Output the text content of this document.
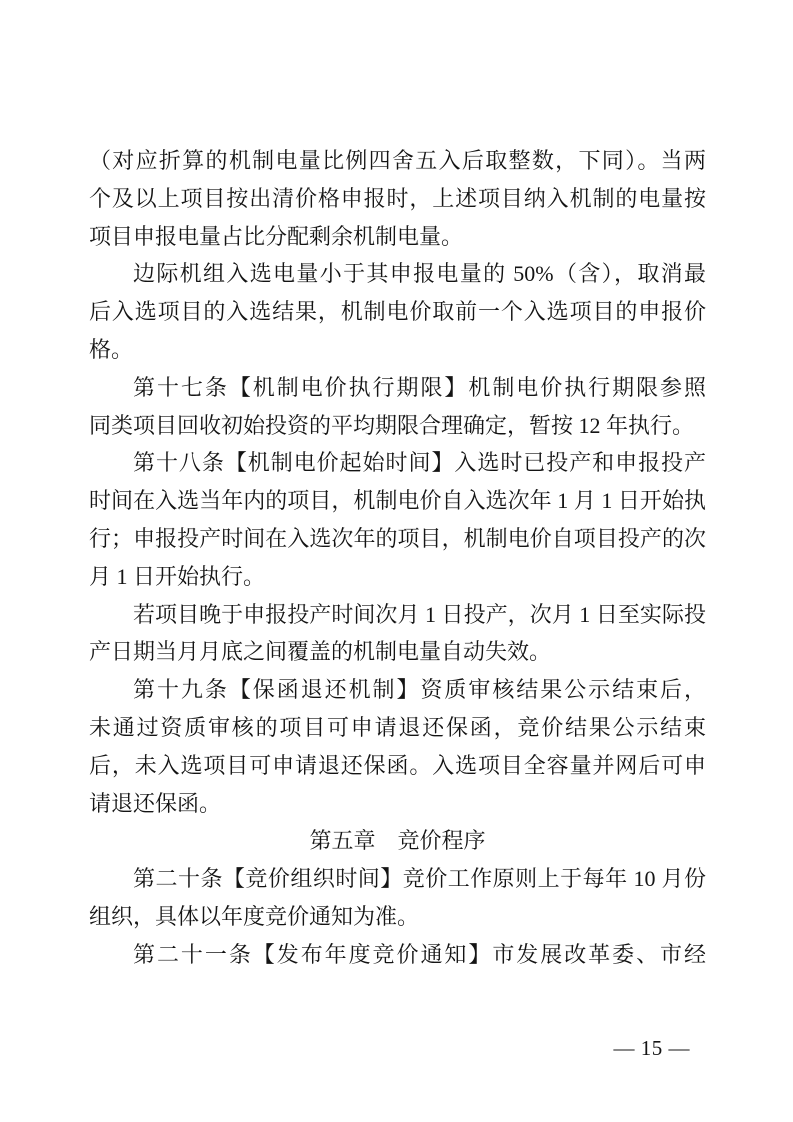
（对应折算的机制电量比例四舍五入后取整数，下同）。当两
个及以上项目按出清价格申报时，上述项目纳入机制的电量按
项目申报电量占比分配剩余机制电量。
边际机组入选电量小于其申报电量的 50%（含），取消最
后入选项目的入选结果，机制电价取前一个入选项目的申报价
格。
第十七条【机制电价执行期限】机制电价执行期限参照
同类项目回收初始投资的平均期限合理确定，暂按 12 年执行。
第十八条【机制电价起始时间】入选时已投产和申报投产
时间在入选当年内的项目，机制电价自入选次年 1 月 1 日开始执
行；申报投产时间在入选次年的项目，机制电价自项目投产的次
月 1 日开始执行。
若项目晚于申报投产时间次月 1 日投产，次月 1 日至实际投
产日期当月月底之间覆盖的机制电量自动失效。
第十九条【保函退还机制】资质审核结果公示结束后，
未通过资质审核的项目可申请退还保函，竞价结果公示结束
后，未入选项目可申请退还保函。入选项目全容量并网后可申
请退还保函。
第五章　竞价程序
第二十条【竞价组织时间】竞价工作原则上于每年 10 月份
组织，具体以年度竞价通知为准。
第二十一条【发布年度竞价通知】市发展改革委、市经
— 15 —
